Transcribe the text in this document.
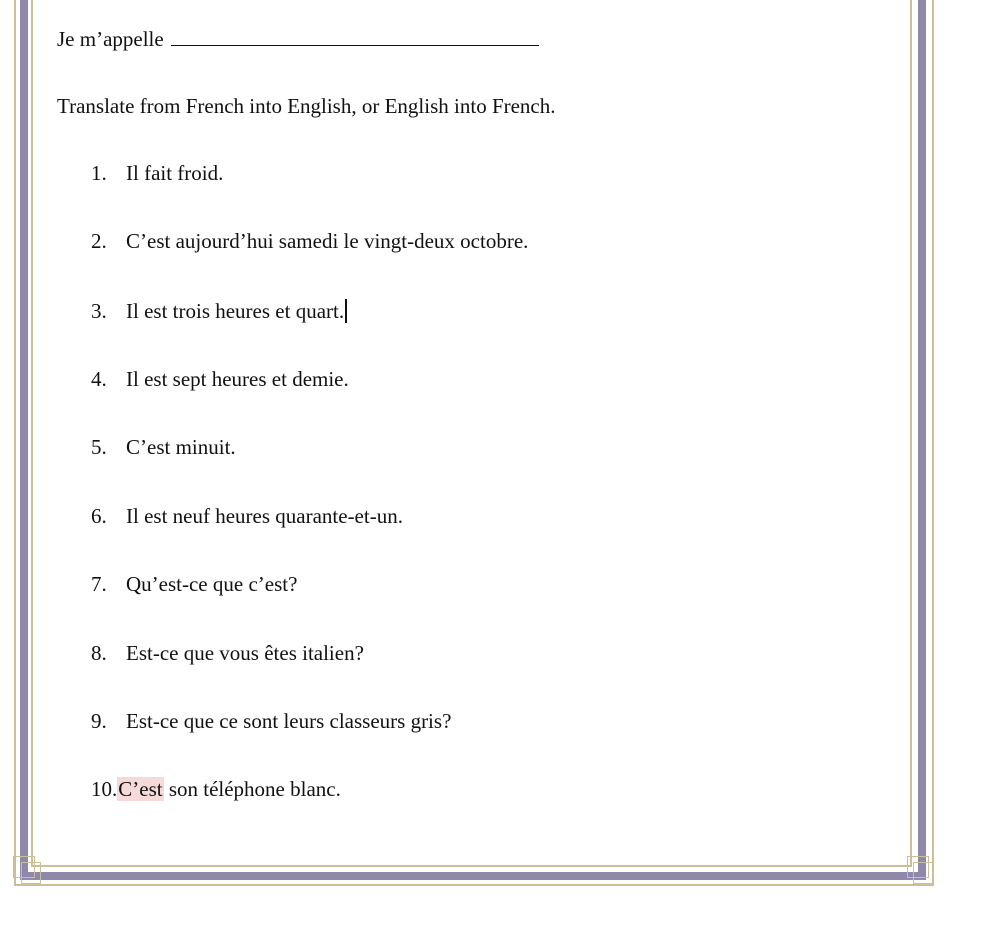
Je m’appelle
Translate from French into English, or English into French.
1. Il fait froid.
2. C’est aujourd’hui samedi le vingt-deux octobre.
3. Il est trois heures et quart.
4. Il est sept heures et demie.
5. C’est minuit.
6. Il est neuf heures quarante-et-un.
7. Qu’est-ce que c’est?
8. Est-ce que vous êtes italien?
9. Est-ce que ce sont leurs classeurs gris?
10.C’est son téléphone blanc.
